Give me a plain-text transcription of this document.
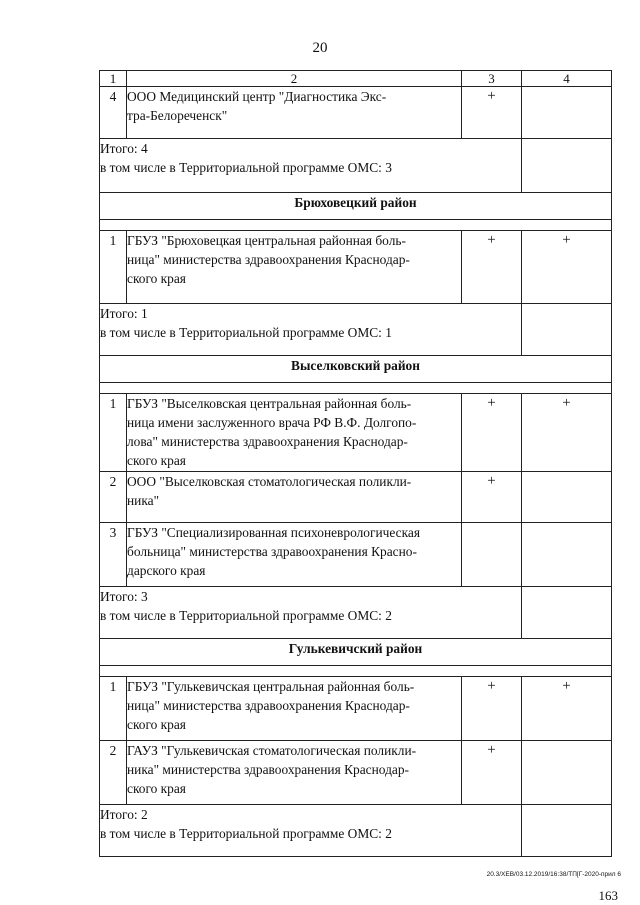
20
1	2	3	4
4	ООО Медицинский центр "Диагностика Экс-
тра-Белореченск"	+	

Итого: 4
в том числе в Территориальной программе ОМС: 3			

Брюховецкий район			

1	ГБУЗ "Брюховецкая центральная районная боль-
ница" министерства здравоохранения Краснодар-
ского края	+	+

Итого: 1
в том числе в Территориальной программе ОМС: 1			

Выселковский район			

1	ГБУЗ "Выселковская центральная районная боль-
ница имени заслуженного врача РФ В.Ф. Долгопо-
лова" министерства здравоохранения Краснодар-
ского края	+	+
2	ООО "Выселковская стоматологическая поликли-
ника"	+	
3	ГБУЗ "Специализированная психоневрологическая
больница" министерства здравоохранения Красно-
дарского края		

Итого: 3
в том числе в Территориальной программе ОМС: 2			

Гулькевичский район			

1	ГБУЗ "Гулькевичская центральная районная боль-
ница" министерства здравоохранения Краснодар-
ского края	+	+
2	ГАУЗ "Гулькевичская стоматологическая поликли-
ника" министерства здравоохранения Краснодар-
ского края	+	

Итого: 2
в том числе в Территориальной программе ОМС: 2			

20.3/ХЕВ/03.12.2019/16:38/ТП[Г-2020-прил 6
163
